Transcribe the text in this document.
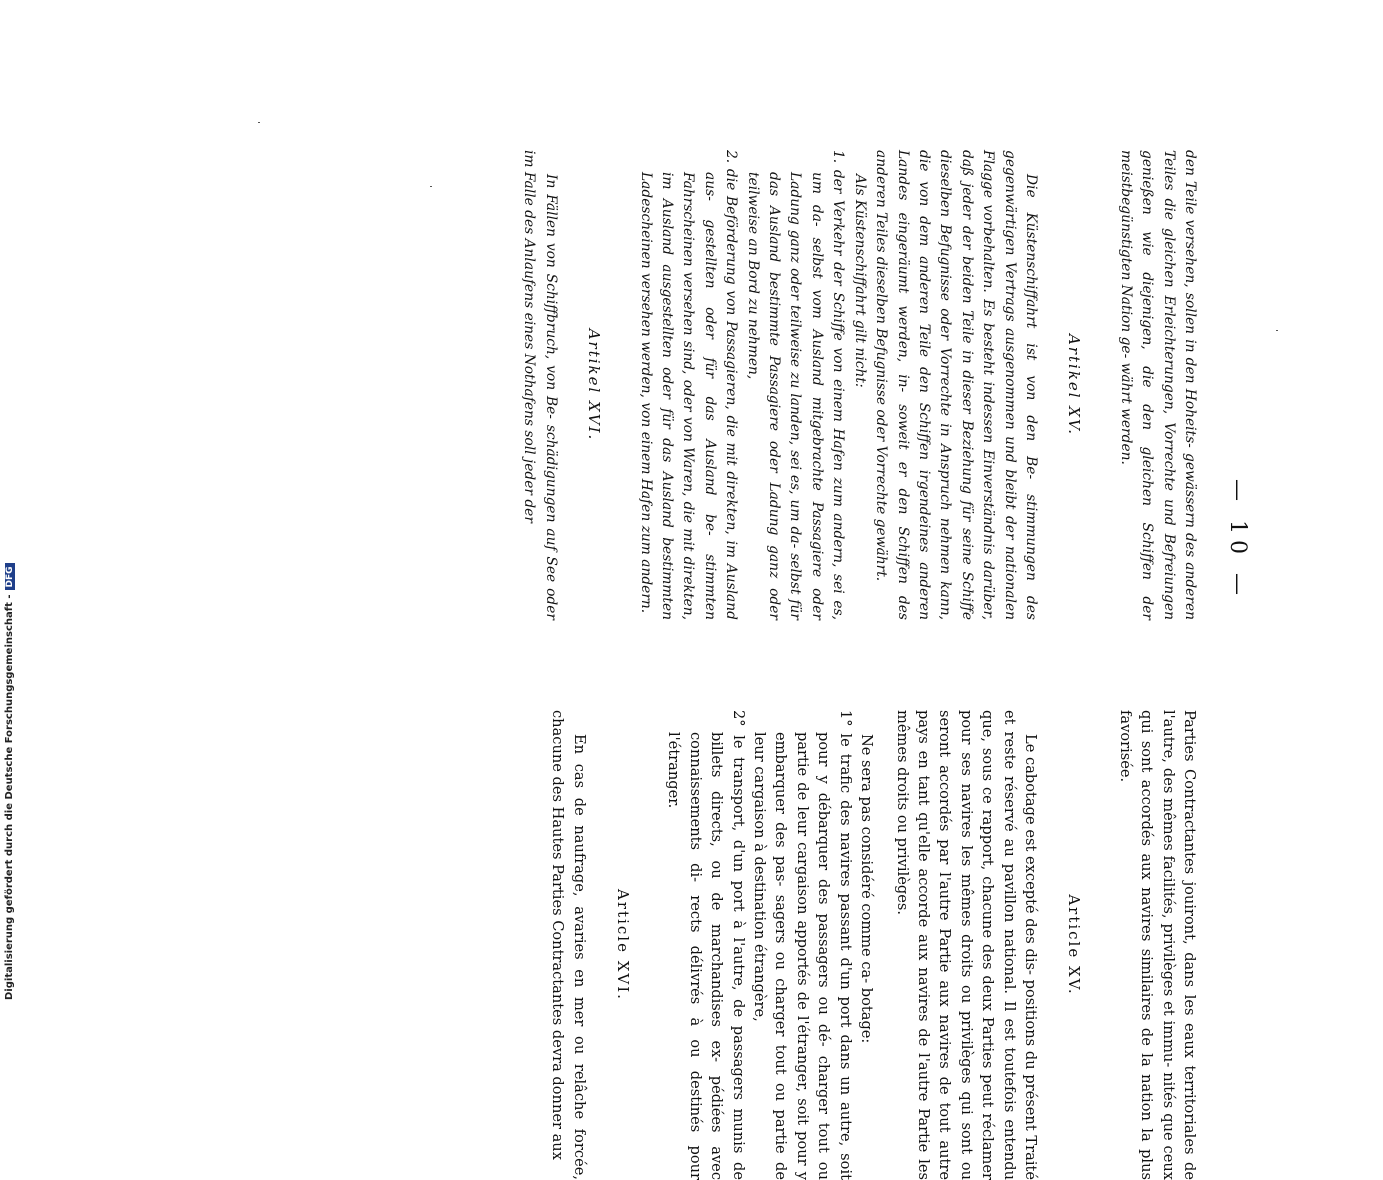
— 10 —

den Teile versehen, sollen in den Hoheits- gewässern des anderen Teiles die gleichen Erleichterungen, Vorrechte und Befreiungen genießen wie diejenigen, die den gleichen Schiffen der meistbegünstigten Nation ge- währt werden.

Artikel XV.

Die Küstenschiffahrt ist von den Be- stimmungen des gegenwärtigen Vertrags ausgenommen und bleibt der nationalen Flagge vorbehalten. Es besteht indessen Einverständnis darüber, daß jeder der beiden Teile in dieser Beziehung für seine Schiffe dieselben Befugnisse oder Vorrechte in Anspruch nehmen kann, die von dem anderen Teile den Schiffen irgendeines anderen Landes eingeräumt werden, in- soweit er den Schiffen des anderen Teiles dieselben Befugnisse oder Vorrechte gewährt.

Als Küstenschiffahrt gilt nicht:

1. der Verkehr der Schiffe von einem Hafen zum andern, sei es, um da- selbst vom Ausland mitgebrachte Passagiere oder Ladung ganz oder teilweise zu landen, sei es, um da- selbst für das Ausland bestimmte Passagiere oder Ladung ganz oder teilweise an Bord zu nehmen,

2. die Beförderung von Passagieren, die mit direkten, im Ausland aus- gestellten oder für das Ausland be- stimmten Fahrscheinen versehen sind, oder von Waren, die mit direkten, im Ausland ausgestellten oder für das Ausland bestimmten Ladescheinen versehen werden, von einem Hafen zum andern.

Artikel XVI.

In Fällen von Schiffbruch, von Be- schädigungen auf See oder im Falle des Anlaufens eines Nothafens soll jeder der

Parties Contractantes jouiront, dans les eaux territoriales de l'autre, des mêmes facilités, privilèges et immu- nités que ceux qui sont accordés aux navires similaires de la nation la plus favorisée.

Article XV.

Le cabotage est excepté des dis- positions du présent Traité et reste réservé au pavillon national. Il est toutefois entendu que, sous ce rapport, chacune des deux Parties peut réclamer pour ses navires les mêmes droits ou privilèges qui sont ou seront accordés par l'autre Partie aux navires de tout autre pays en tant qu'elle accorde aux navires de l'autre Partie les mêmes droits ou privilèges.

Ne sera pas considéré comme ca- botage:

1° le trafic des navires passant d'un port dans un autre, soit pour y débarquer des passagers ou dé- charger tout ou partie de leur cargaison apportés de l'étranger, soit pour y embarquer des pas- sagers ou charger tout ou partie de leur cargaison à destination étrangère,

2° le transport, d'un port à l'autre, de passagers munis de billets directs, ou de marchandises ex- pédiées avec connaissements di- rects délivrés à ou destinés pour l'étranger.

Article XVI.

En cas de naufrage, avaries en mer ou relâche forcée, chacune des Hautes Parties Contractantes devra donner aux

Digitalisierung gefördert durch die Deutsche Forschungsgemeinschaft -DFG
